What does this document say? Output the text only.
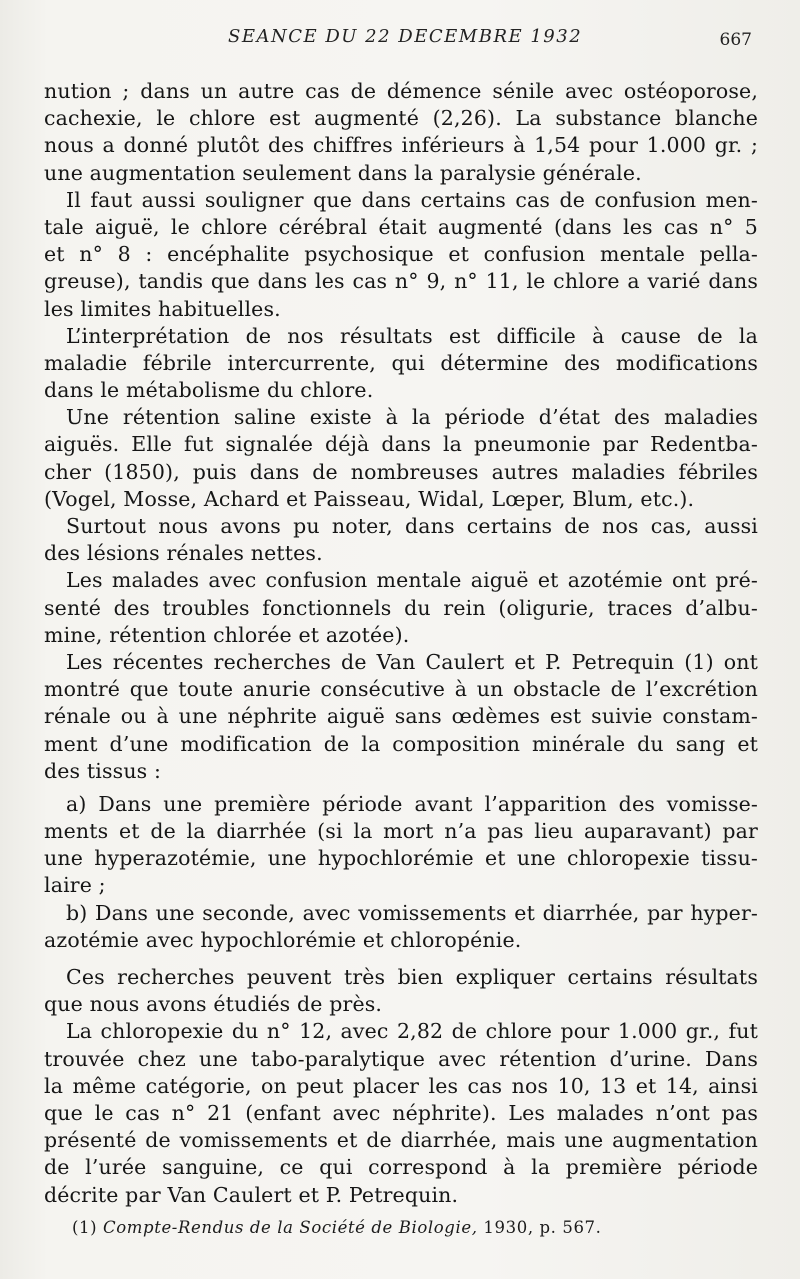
SEANCE DU 22 DECEMBRE 1932	667
nution ; dans un autre cas de démence sénile avec ostéoporose,
cachexie, le chlore est augmenté (2,26). La substance blanche
nous a donné plutôt des chiffres inférieurs à 1,54 pour 1.000 gr. ;
une augmentation seulement dans la paralysie générale.
Il faut aussi souligner que dans certains cas de confusion men-
tale aiguë, le chlore cérébral était augmenté (dans les cas n° 5
et n° 8 : encéphalite psychosique et confusion mentale pella-
greuse), tandis que dans les cas n° 9, n° 11, le chlore a varié dans
les limites habituelles.
L’interprétation de nos résultats est difficile à cause de la
maladie fébrile intercurrente, qui détermine des modifications
dans le métabolisme du chlore.
Une rétention saline existe à la période d’état des maladies
aiguës. Elle fut signalée déjà dans la pneumonie par Redentba-
cher (1850), puis dans de nombreuses autres maladies fébriles
(Vogel, Mosse, Achard et Paisseau, Widal, Lœper, Blum, etc.).
Surtout nous avons pu noter, dans certains de nos cas, aussi
des lésions rénales nettes.
Les malades avec confusion mentale aiguë et azotémie ont pré-
senté des troubles fonctionnels du rein (oligurie, traces d’albu-
mine, rétention chlorée et azotée).
Les récentes recherches de Van Caulert et P. Petrequin (1) ont
montré que toute anurie consécutive à un obstacle de l’excrétion
rénale ou à une néphrite aiguë sans œdèmes est suivie constam-
ment d’une modification de la composition minérale du sang et
des tissus :
a) Dans une première période avant l’apparition des vomisse-
ments et de la diarrhée (si la mort n’a pas lieu auparavant) par
une hyperazotémie, une hypochlorémie et une chloropexie tissu-
laire ;
b) Dans une seconde, avec vomissements et diarrhée, par hyper-
azotémie avec hypochlorémie et chloropénie.
Ces recherches peuvent très bien expliquer certains résultats
que nous avons étudiés de près.
La chloropexie du n° 12, avec 2,82 de chlore pour 1.000 gr., fut
trouvée chez une tabo-paralytique avec rétention d’urine. Dans
la même catégorie, on peut placer les cas nos 10, 13 et 14, ainsi
que le cas n° 21 (enfant avec néphrite). Les malades n’ont pas
présenté de vomissements et de diarrhée, mais une augmentation
de l’urée sanguine, ce qui correspond à la première période
décrite par Van Caulert et P. Petrequin.
(1) Compte-Rendus de la Société de Biologie, 1930, p. 567.
